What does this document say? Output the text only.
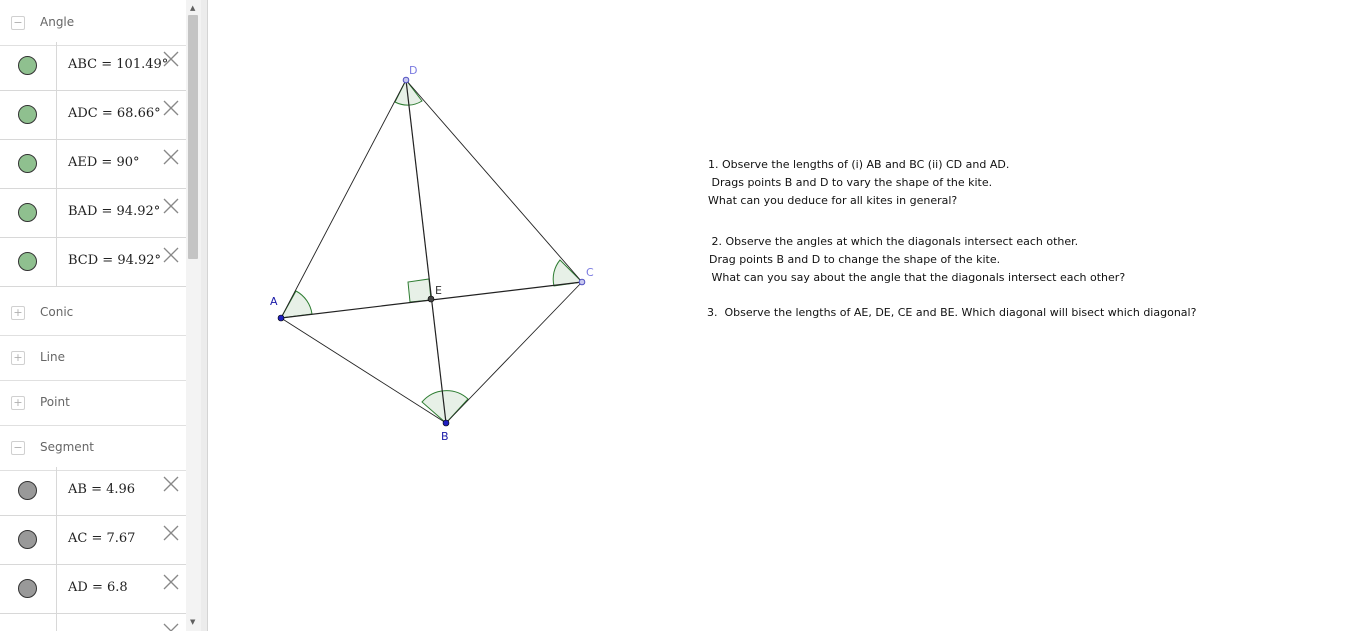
− Angle
ABC = 101.49°
ADC = 68.66°
AED = 90°
BAD = 94.92°
BCD = 94.92°
+ Conic
+ Line
+ Point
− Segment
AB = 4.96
AC = 7.67
AD = 6.8
▲
▼
A
B
C
D
E
1. Observe the lengths of (i) AB and BC (ii) CD and AD.
Drags points B and D to vary the shape of the kite.
What can you deduce for all kites in general?
2. Observe the angles at which the diagonals intersect each other.
Drag points B and D to change the shape of the kite.
What can you say about the angle that the diagonals intersect each other?
3.  Observe the lengths of AE, DE, CE and BE. Which diagonal will bisect which diagonal?
